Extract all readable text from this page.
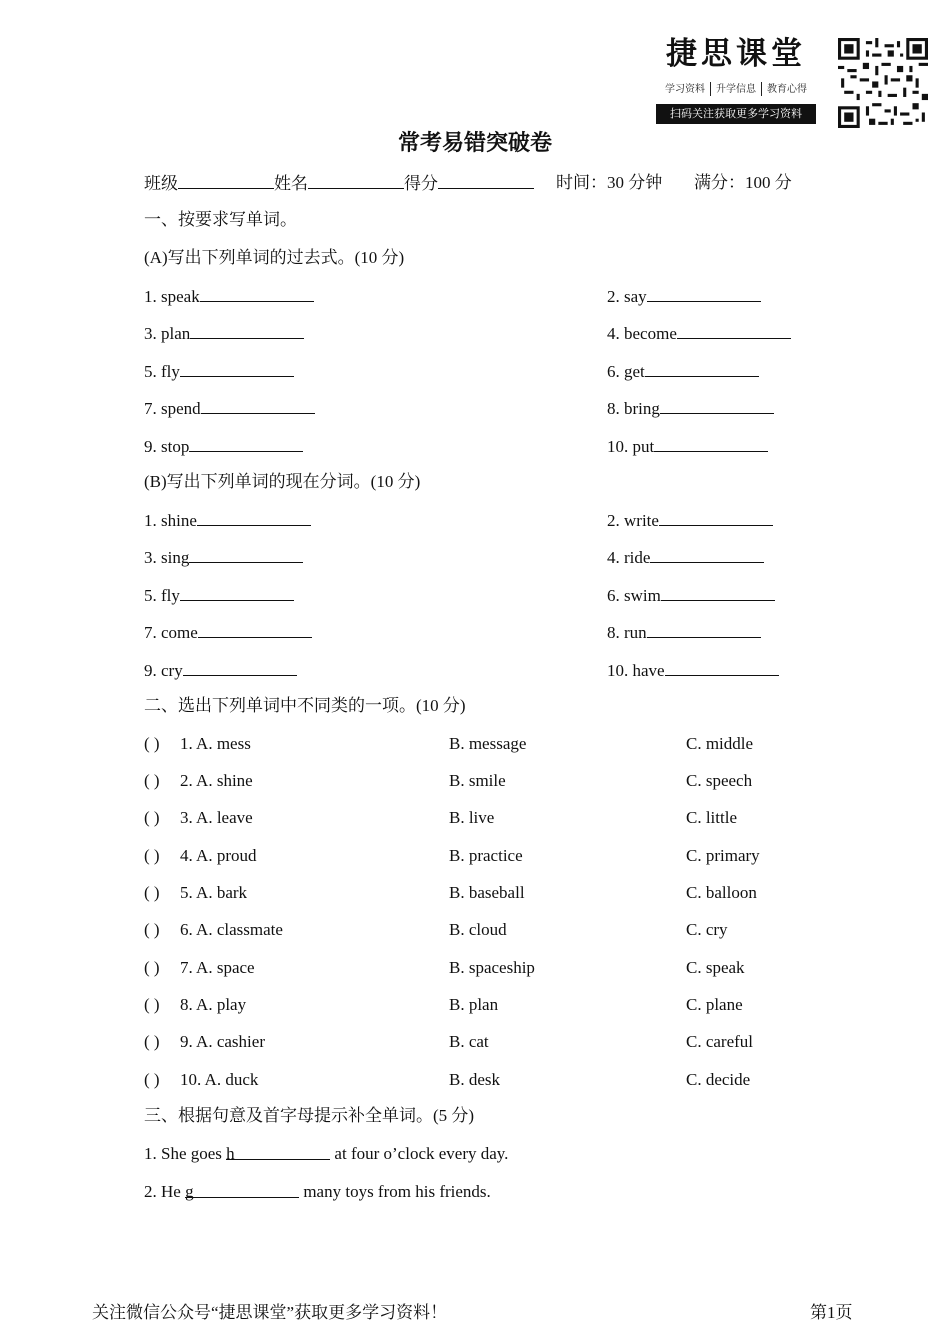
捷思课堂
学习资料 升学信息 教育心得
扫码关注获取更多学习资料
常考易错突破卷
班级	姓名	得分	时间：30 分钟 满分：100 分
一、按要求写单词。
(A)写出下列单词的过去式。(10 分)
1. speak	2. say
3. plan	4. become
5. fly	6. get
7. spend	8. bring
9. stop	10. put
(B)写出下列单词的现在分词。(10 分)
1. shine	2. write
3. sing	4. ride
5. fly	6. swim
7. come	8. run
9. cry	10. have
二、选出下列单词中不同类的一项。(10 分)
( ) 1. A. mess	B. message	C. middle
( ) 2. A. shine	B. smile	C. speech
( ) 3. A. leave	B. live	C. little
( ) 4. A. proud	B. practice	C. primary
( ) 5. A. bark	B. baseball	C. balloon
( ) 6. A. classmate	B. cloud	C. cry
( ) 7. A. space	B. spaceship	C. speak
( ) 8. A. play	B. plan	C. plane
( ) 9. A. cashier	B. cat	C. careful
( ) 10. A. duck	B. desk	C. decide
三、根据句意及首字母提示补全单词。(5 分)
1. She goes h	at four o’clock every day.
2. He g	many toys from his friends.
关注微信公众号“捷思课堂”获取更多学习资料！	第1页
